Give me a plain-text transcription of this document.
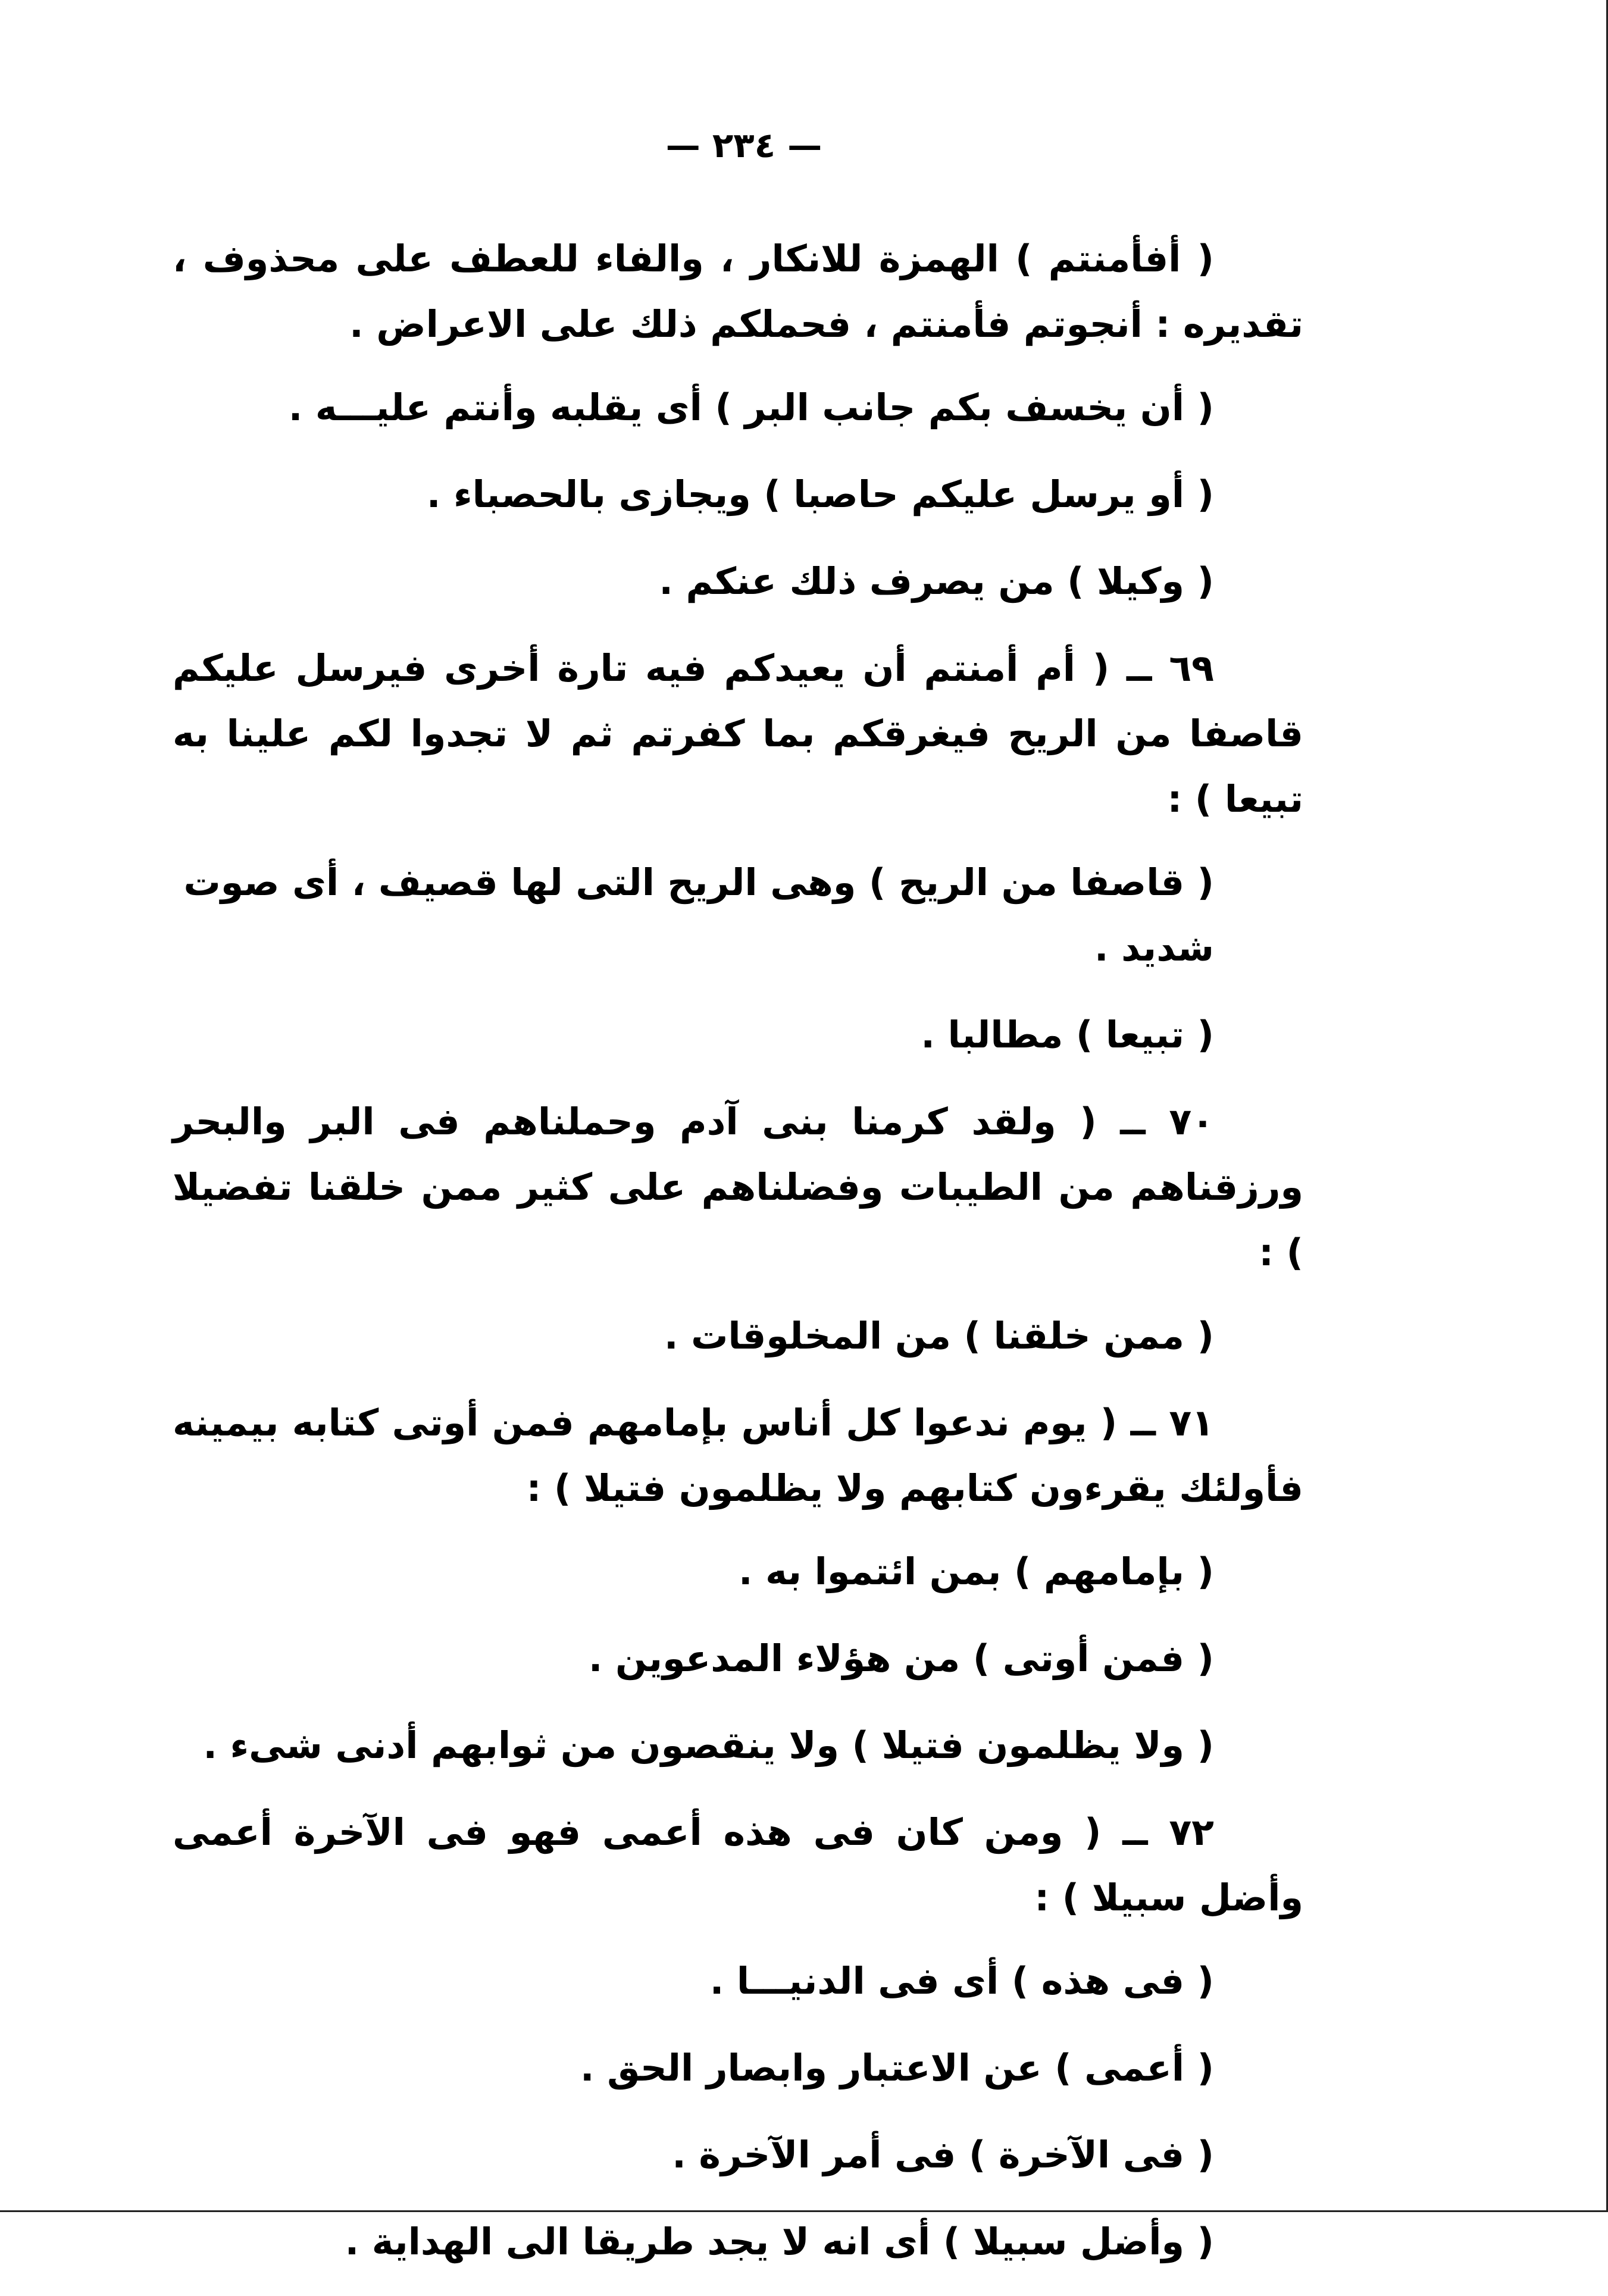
— ٢٣٤ —

( أفأمنتم ) الهمزة للانكار ، والفاء للعطف على محذوف ، تقديره : أنجوتم فأمنتم ، فحملكم ذلك على الاعراض .

( أن يخسف بكم جانب البر ) أى يقلبه وأنتم عليـــه .

( أو يرسل عليكم حاصبا ) ويجازى بالحصباء .

( وكيلا ) من يصرف ذلك عنكم .

٦٩ ــ ( أم أمنتم أن يعيدكم فيه تارة أخرى فيرسل عليكم قاصفا من الريح فيغرقكم بما كفرتم ثم لا تجدوا لكم علينا به تبيعا ) :

( قاصفا من الريح ) وهى الريح التى لها قصيف ، أى صوت شديد .

( تبيعا ) مطالبا .

٧٠ ــ ( ولقد كرمنا بنى آدم وحملناهم فى البر والبحر ورزقناهم من الطيبات وفضلناهم على كثير ممن خلقنا تفضيلا ) :

( ممن خلقنا ) من المخلوقات .

٧١ ــ ( يوم ندعوا كل أناس بإمامهم فمن أوتى كتابه بيمينه فأولئك يقرءون كتابهم ولا يظلمون فتيلا ) :

( بإمامهم ) بمن ائتموا به .

( فمن أوتى ) من هؤلاء المدعوين .

( ولا يظلمون فتيلا ) ولا ينقصون من ثوابهم أدنى شىء .

٧٢ ــ ( ومن كان فى هذه أعمى فهو فى الآخرة أعمى وأضل سبيلا ) :

( فى هذه ) أى فى الدنيـــا .

( أعمى ) عن الاعتبار وابصار الحق .

( فى الآخرة ) فى أمر الآخرة .

( وأضل سبيلا ) أى انه لا يجد طريقا الى الهداية .
